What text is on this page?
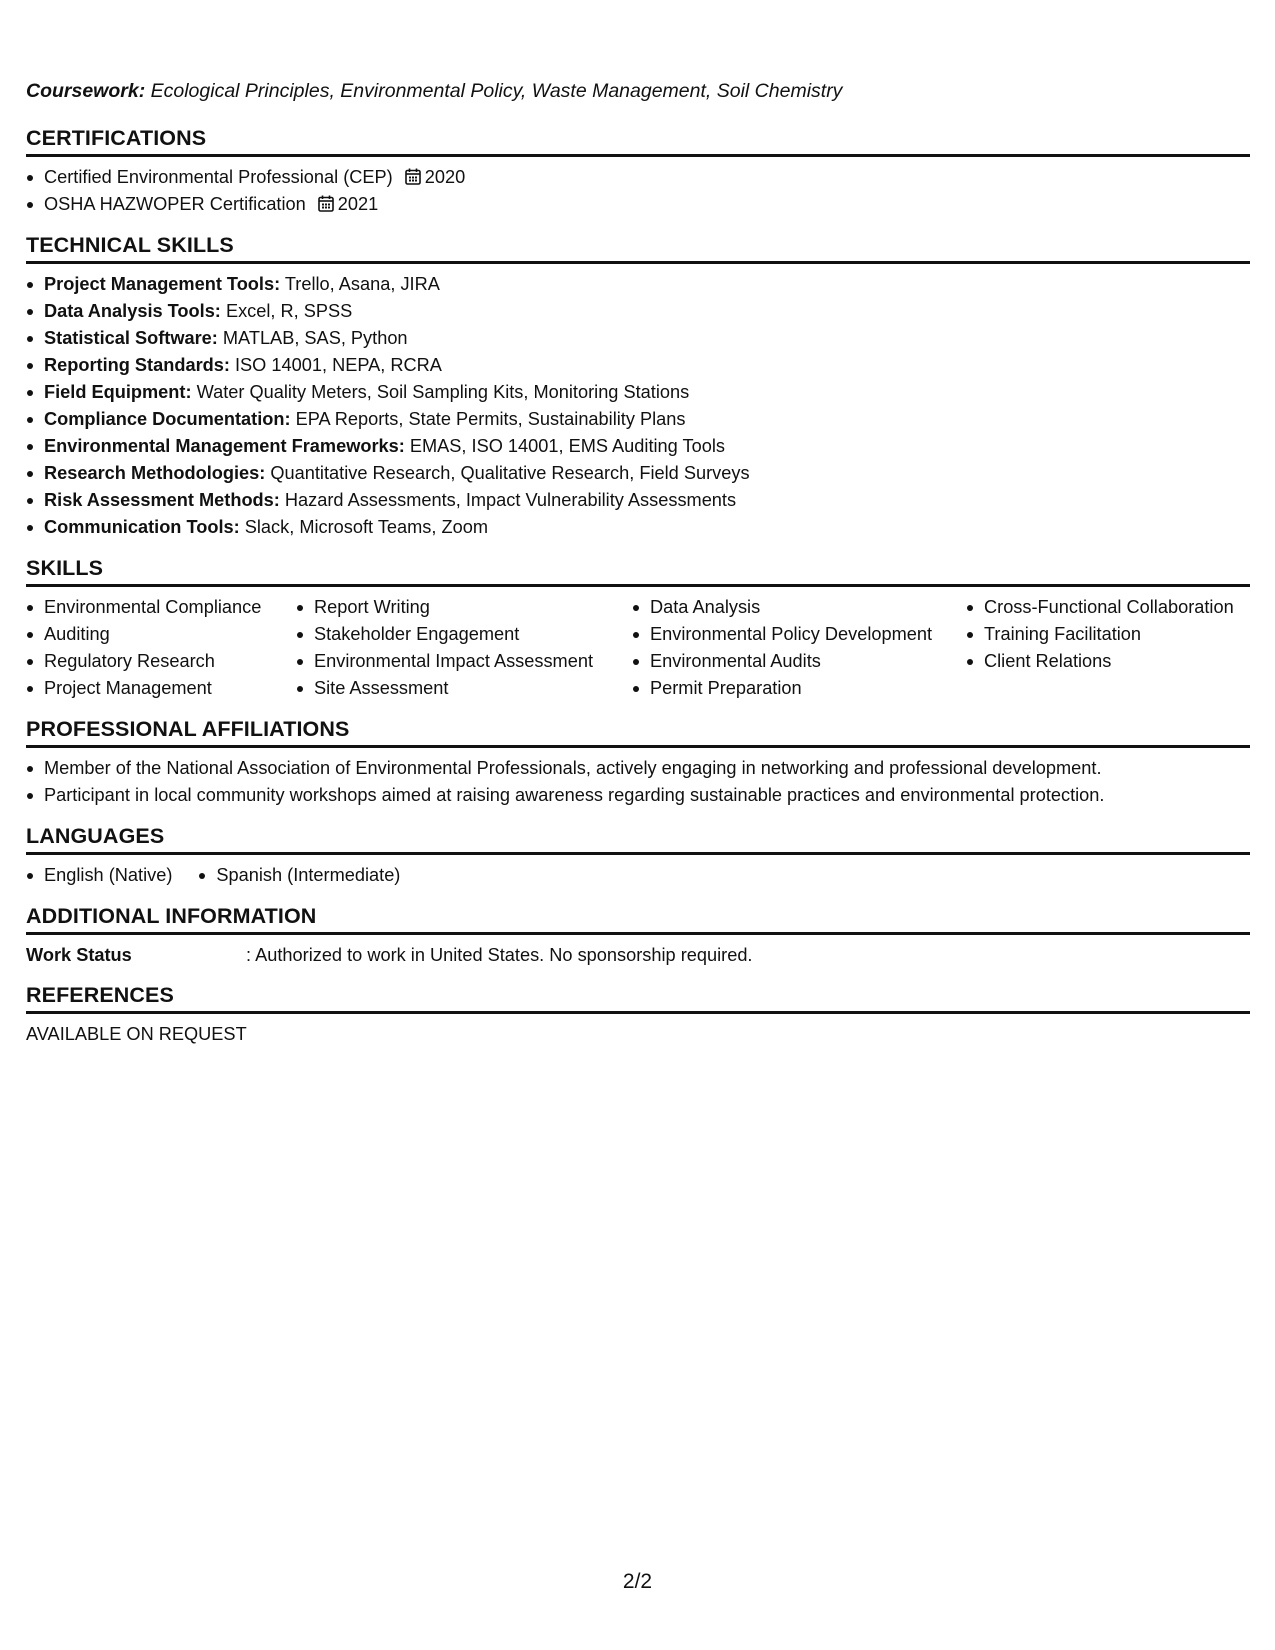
Coursework: Ecological Principles, Environmental Policy, Waste Management, Soil Chemistry
CERTIFICATIONS
Certified Environmental Professional (CEP) 2020
OSHA HAZWOPER Certification 2021
TECHNICAL SKILLS
Project Management Tools: Trello, Asana, JIRA
Data Analysis Tools: Excel, R, SPSS
Statistical Software: MATLAB, SAS, Python
Reporting Standards: ISO 14001, NEPA, RCRA
Field Equipment: Water Quality Meters, Soil Sampling Kits, Monitoring Stations
Compliance Documentation: EPA Reports, State Permits, Sustainability Plans
Environmental Management Frameworks: EMAS, ISO 14001, EMS Auditing Tools
Research Methodologies: Quantitative Research, Qualitative Research, Field Surveys
Risk Assessment Methods: Hazard Assessments, Impact Vulnerability Assessments
Communication Tools: Slack, Microsoft Teams, Zoom
SKILLS
Environmental Compliance
Auditing
Regulatory Research
Project Management
Report Writing
Stakeholder Engagement
Environmental Impact Assessment
Site Assessment
Data Analysis
Environmental Policy Development
Environmental Audits
Permit Preparation
Cross-Functional Collaboration
Training Facilitation
Client Relations
PROFESSIONAL AFFILIATIONS
Member of the National Association of Environmental Professionals, actively engaging in networking and professional development.
Participant in local community workshops aimed at raising awareness regarding sustainable practices and environmental protection.
LANGUAGES
English (Native)	Spanish (Intermediate)
ADDITIONAL INFORMATION
Work Status	: Authorized to work in United States. No sponsorship required.
REFERENCES
AVAILABLE ON REQUEST
2/2
